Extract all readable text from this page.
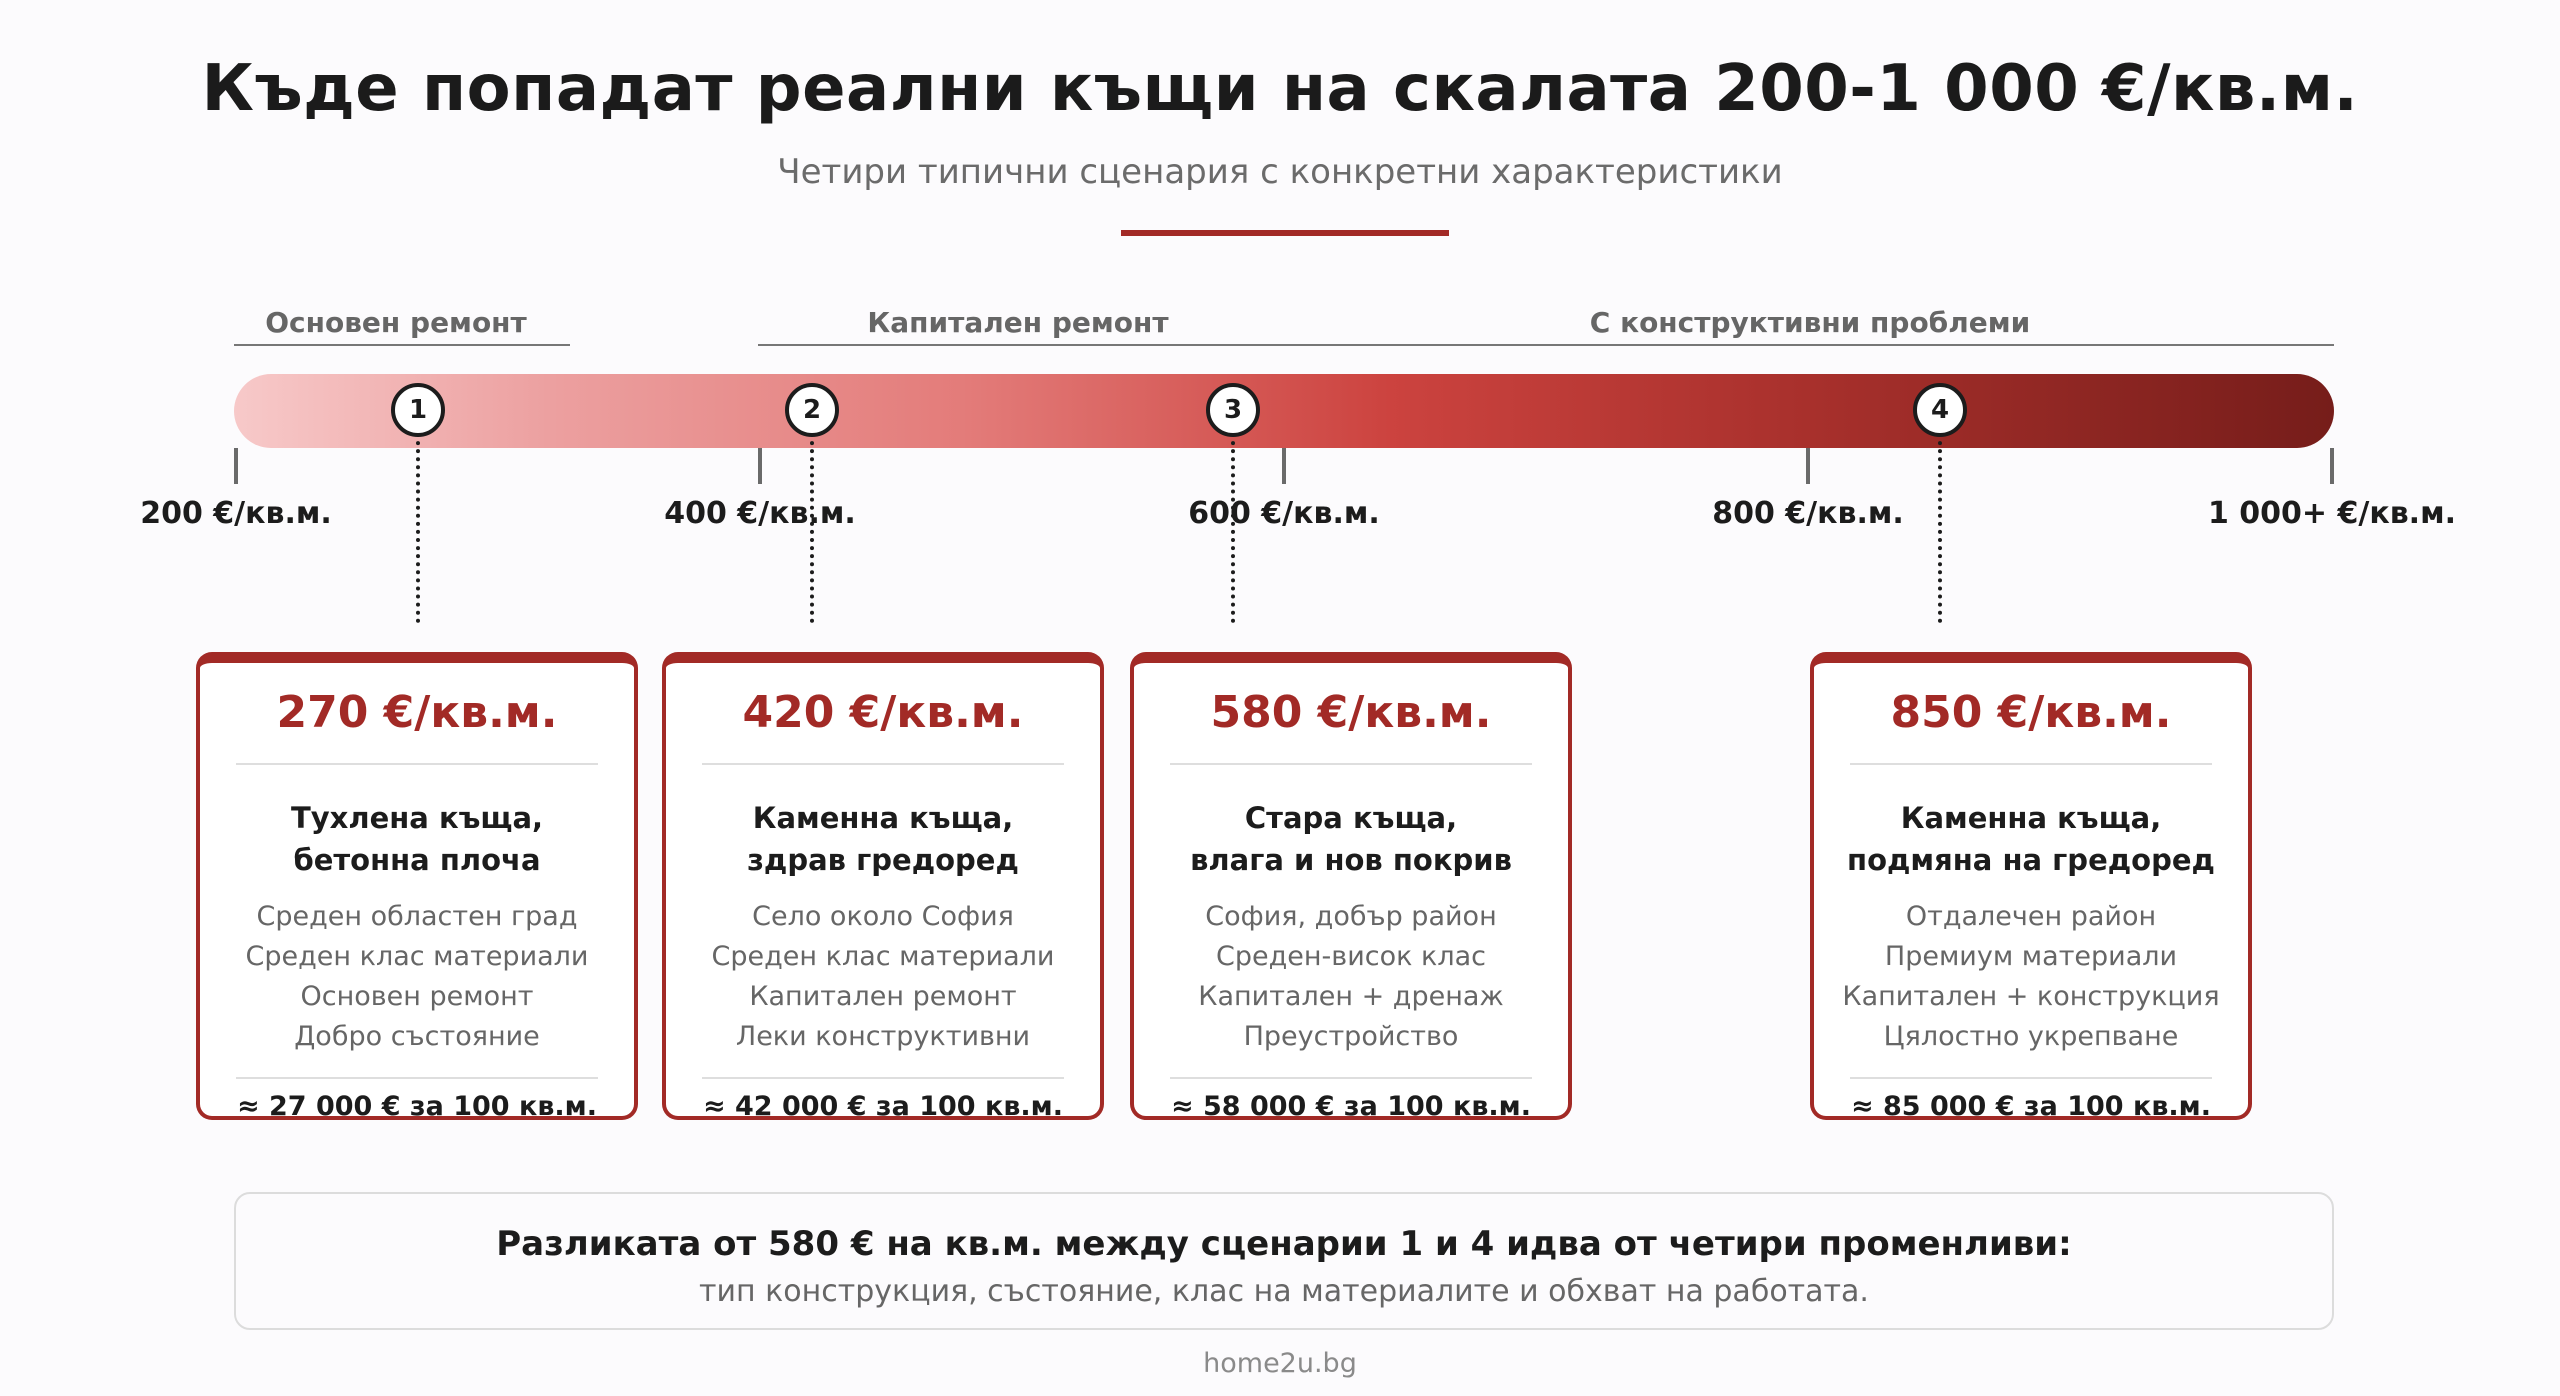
Къде попадат реални къщи на скалата 200-1 000 €/кв.м.
Четири типични сценария с конкретни характеристики
Основен ремонт	Капитален ремонт	С конструктивни проблеми
200 €/кв.м.	400 €/кв.м.	600 €/кв.м.	800 €/кв.м.	1 000+ €/кв.м.
1	2	3	4
270 €/кв.м.
Тухлена къща,
бетонна плоча
Среден областен град
Среден клас материали
Основен ремонт
Добро състояние
≈ 27 000 € за 100 кв.м.
420 €/кв.м.
Каменна къща,
здрав гредоред
Село около София
Среден клас материали
Капитален ремонт
Леки конструктивни
≈ 42 000 € за 100 кв.м.
580 €/кв.м.
Стара къща,
влага и нов покрив
София, добър район
Среден-висок клас
Капитален + дренаж
Преустройство
≈ 58 000 € за 100 кв.м.
850 €/кв.м.
Каменна къща,
подмяна на гредоред
Отдалечен район
Премиум материали
Капитален + конструкция
Цялостно укрепване
≈ 85 000 € за 100 кв.м.
Разликата от 580 € на кв.м. между сценарии 1 и 4 идва от четири променливи:
тип конструкция, състояние, клас на материалите и обхват на работата.
home2u.bg
